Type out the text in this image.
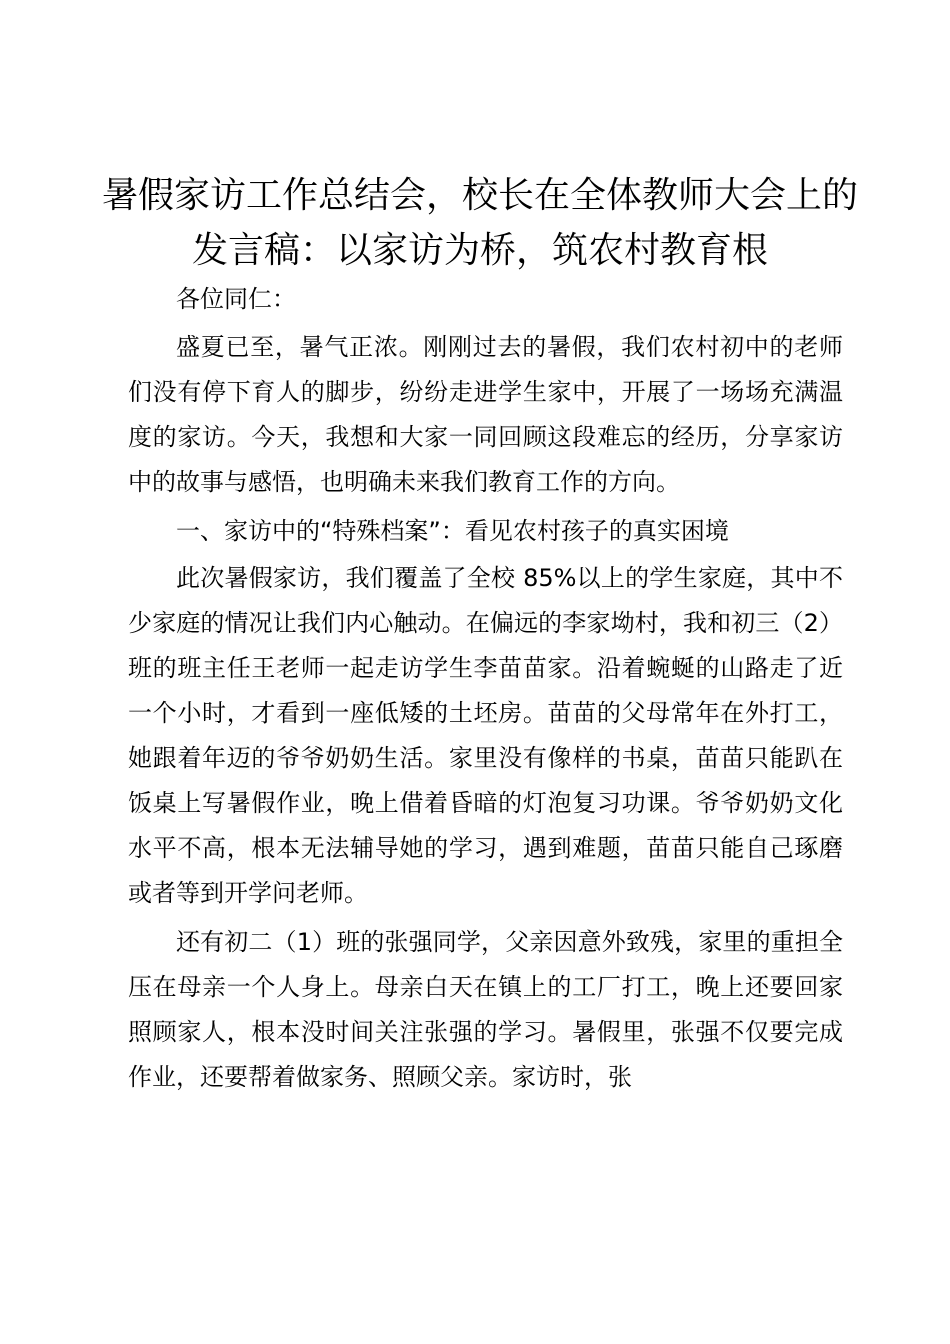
暑假家访工作总结会，校长在全体教师大会上的发言稿：以家访为桥，筑农村教育根

各位同仁：

盛夏已至，暑气正浓。刚刚过去的暑假，我们农村初中的老师们没有停下育人的脚步，纷纷走进学生家中，开展了一场场充满温度的家访。今天，我想和大家一同回顾这段难忘的经历，分享家访中的故事与感悟，也明确未来我们教育工作的方向。

一、家访中的“特殊档案”：看见农村孩子的真实困境

此次暑假家访，我们覆盖了全校 85%以上的学生家庭，其中不少家庭的情况让我们内心触动。在偏远的李家坳村，我和初三（2）班的班主任王老师一起走访学生李苗苗家。沿着蜿蜒的山路走了近一个小时，才看到一座低矮的土坯房。苗苗的父母常年在外打工，她跟着年迈的爷爷奶奶生活。家里没有像样的书桌，苗苗只能趴在饭桌上写暑假作业，晚上借着昏暗的灯泡复习功课。爷爷奶奶文化水平不高，根本无法辅导她的学习，遇到难题，苗苗只能自己琢磨或者等到开学问老师。

还有初二（1）班的张强同学，父亲因意外致残，家里的重担全压在母亲一个人身上。母亲白天在镇上的工厂打工，晚上还要回家照顾家人，根本没时间关注张强的学习。暑假里，张强不仅要完成作业，还要帮着做家务、照顾父亲。家访时，张
